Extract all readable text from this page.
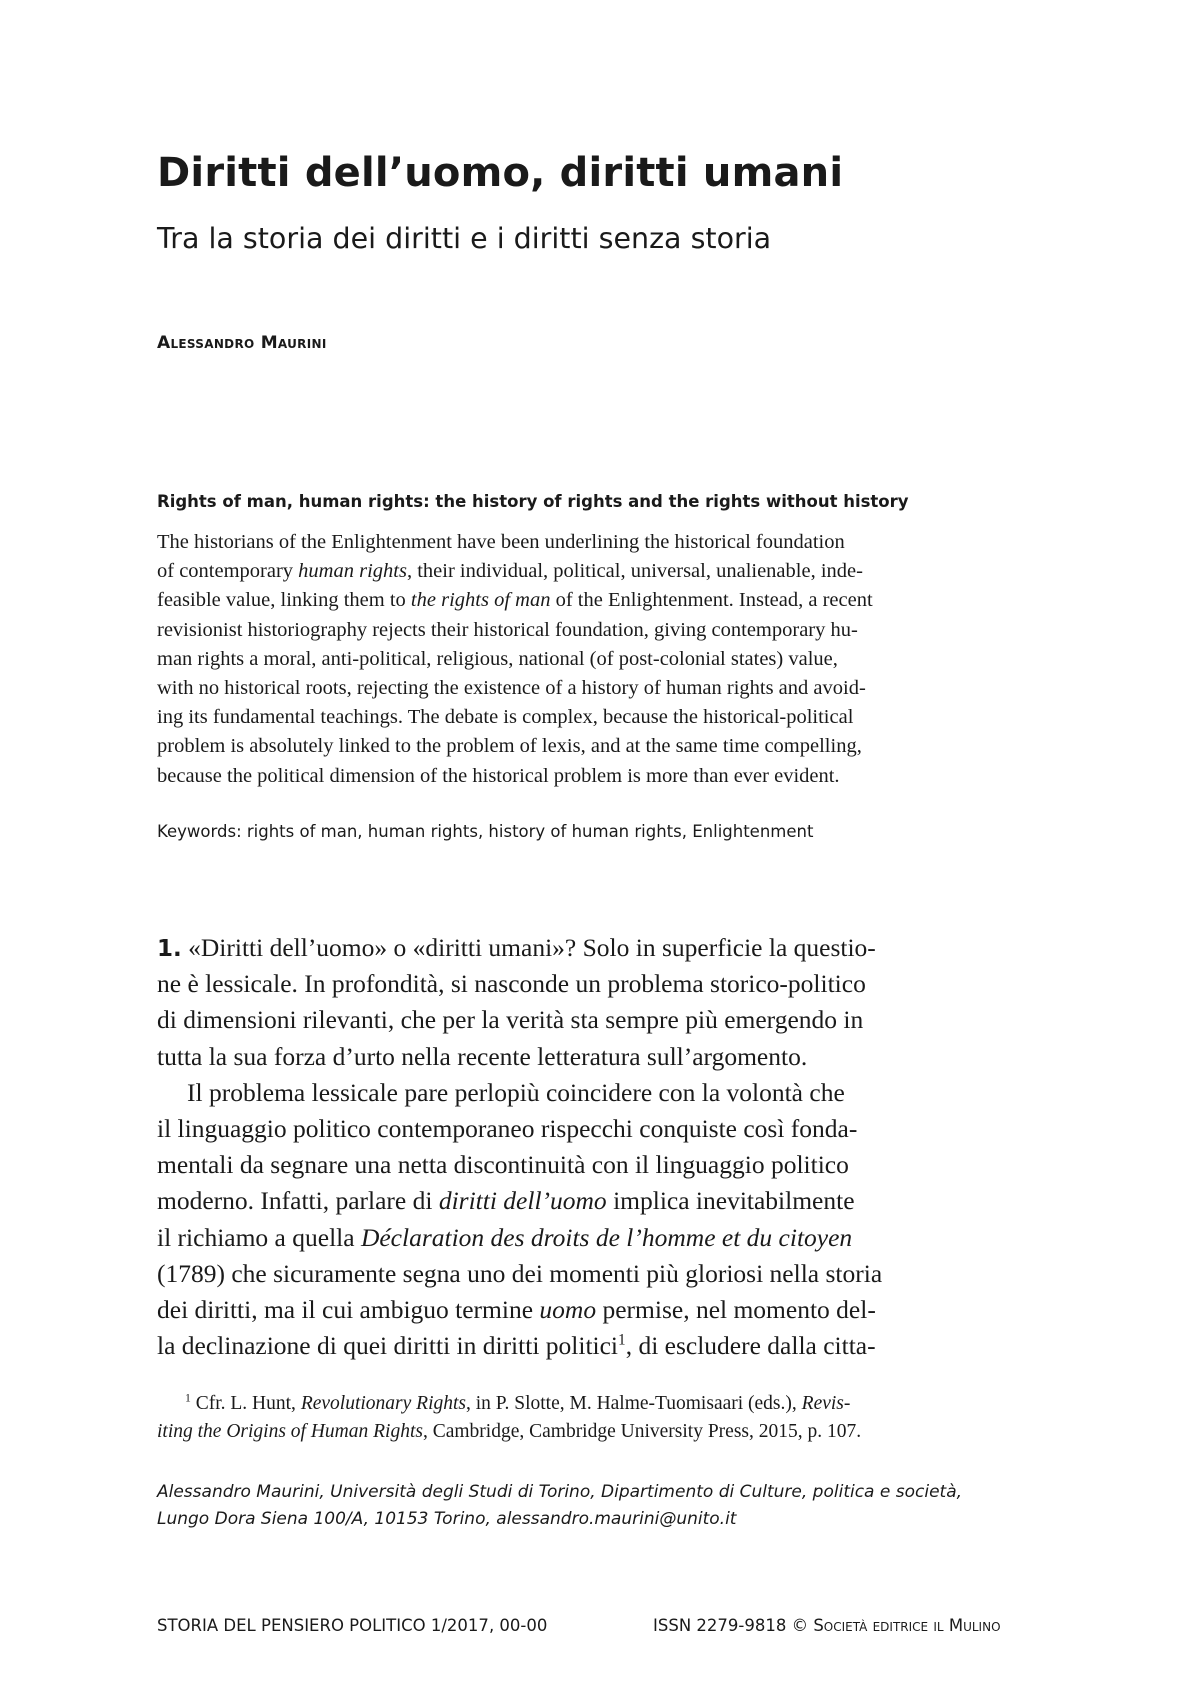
Diritti dell’uomo, diritti umani
Tra la storia dei diritti e i diritti senza storia
Alessandro Maurini
Rights of man, human rights: the history of rights and the rights without history
The historians of the Enlightenment have been underlining the historical foundation
of contemporary human rights, their individual, political, universal, unalienable, inde-
feasible value, linking them to the rights of man of the Enlightenment. Instead, a recent
revisionist historiography rejects their historical foundation, giving contemporary hu-
man rights a moral, anti-political, religious, national (of post-colonial states) value,
with no historical roots, rejecting the existence of a history of human rights and avoid-
ing its fundamental teachings. The debate is complex, because the historical-political
problem is absolutely linked to the problem of lexis, and at the same time compelling,
because the political dimension of the historical problem is more than ever evident.
Keywords: rights of man, human rights, history of human rights, Enlightenment
1. «Diritti dell’uomo» o «diritti umani»? Solo in superficie la questio-
ne è lessicale. In profondità, si nasconde un problema storico-politico
di dimensioni rilevanti, che per la verità sta sempre più emergendo in
tutta la sua forza d’urto nella recente letteratura sull’argomento.
Il problema lessicale pare perlopiù coincidere con la volontà che
il linguaggio politico contemporaneo rispecchi conquiste così fonda-
mentali da segnare una netta discontinuità con il linguaggio politico
moderno. Infatti, parlare di diritti dell’uomo implica inevitabilmente
il richiamo a quella Déclaration des droits de l’homme et du citoyen
(1789) che sicuramente segna uno dei momenti più gloriosi nella storia
dei diritti, ma il cui ambiguo termine uomo permise, nel momento del-
la declinazione di quei diritti in diritti politici$^1$, di escludere dalla citta-
$^1$ Cfr. L. Hunt, Revolutionary Rights, in P. Slotte, M. Halme-Tuomisaari (eds.), Revis-
iting the Origins of Human Rights, Cambridge, Cambridge University Press, 2015, p. 107.
Alessandro Maurini, Università degli Studi di Torino, Dipartimento di Culture, politica e società,
Lungo Dora Siena 100/A, 10153 Torino, alessandro.maurini@unito.it
STORIA DEL PENSIERO POLITICO 1/2017, 00-00	ISSN 2279-9818 © Società editrice il Mulino
